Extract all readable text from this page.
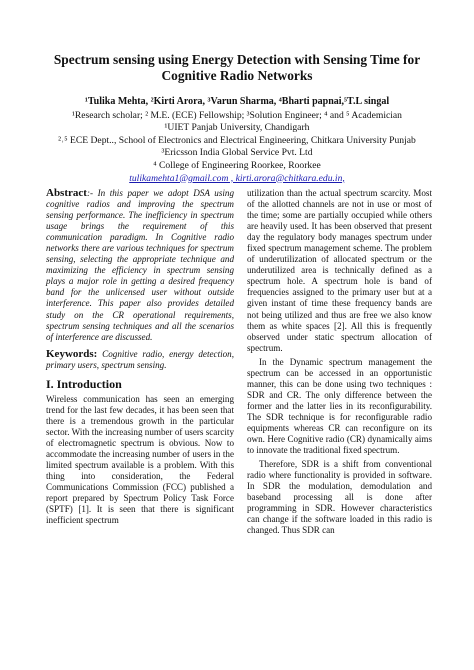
Spectrum sensing using Energy Detection with Sensing Time for Cognitive Radio Networks
¹Tulika Mehta, ²Kirti Arora, ³Varun Sharma, ⁴Bharti papnai,⁵T.L singal
¹Research scholar; ² M.E. (ECE) Fellowship; ³Solution Engineer; ⁴ and ⁵ Academician
¹UIET Panjab University, Chandigarh
²˒⁵ ECE Dept.., School of Electronics and Electrical Engineering, Chitkara University Punjab
³Ericsson India Global Service Pvt. Ltd
⁴ College of Engineering Roorkee, Roorkee
tulikamehta1@gmail.com , kirti.arora@chitkara.edu.in,

Abstract:- In this paper we adopt DSA using cognitive radios and improving the spectrum sensing performance. The inefficiency in spectrum usage brings the requirement of this communication paradigm. In Cognitive radio networks there are various techniques for spectrum sensing, selecting the appropriate technique and maximizing the efficiency in spectrum sensing plays a major role in getting a desired frequency band for the unlicensed user without outside interference. This paper also provides detailed study on the CR operational requirements, spectrum sensing techniques and all the scenarios of interference are discussed.

Keywords: Cognitive radio, energy detection, primary users, spectrum sensing.

I. Introduction

Wireless communication has seen an emerging trend for the last few decades, it has been seen that there is a tremendous growth in the particular sector. With the increasing number of users scarcity of electromagnetic spectrum is obvious. Now to accommodate the increasing number of users in the limited spectrum available is a problem. With this thing into consideration, the Federal Communications Commission (FCC) published a report prepared by Spectrum Policy Task Force (SPTF) [1]. It is seen that there is significant inefficient spectrum

utilization than the actual spectrum scarcity. Most of the allotted channels are not in use or most of the time; some are partially occupied while others are heavily used. It has been observed that present day the regulatory body manages spectrum under fixed spectrum management scheme. The problem of underutilization of allocated spectrum or the underutilized area is technically defined as a spectrum hole. A spectrum hole is band of frequencies assigned to the primary user but at a given instant of time these frequency bands are not being utilized and thus are free we also know them as white spaces [2]. All this is frequently observed under static spectrum allocation of spectrum.

In the Dynamic spectrum management the spectrum can be accessed in an opportunistic manner, this can be done using two techniques : SDR and CR. The only difference between the former and the latter lies in its reconfigurability. The SDR technique is for reconfigurable radio equipments whereas CR can reconfigure on its own. Here Cognitive radio (CR) dynamically aims to innovate the traditional fixed spectrum.

Therefore, SDR is a shift from conventional radio where functionality is provided in software. In SDR the modulation, demodulation and baseband processing all is done after programming in SDR. However characteristics can change if the software loaded in this radio is changed. Thus SDR can
